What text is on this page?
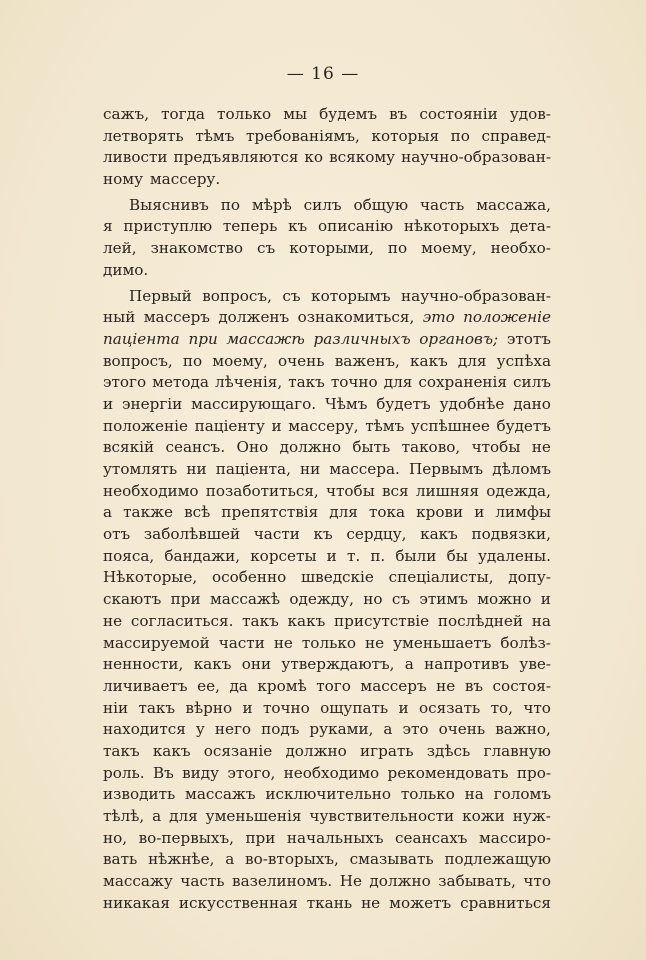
— 16 —
сажъ, тогда только мы будемъ въ состоянiи удов-
летворять тѣмъ требованiямъ, которыя по справед-
ливости предъявляются ко всякому научно-образован-
ному массеру.
Выяснивъ по мѣрѣ силъ общую часть массажа,
я приступлю теперь къ описанiю нѣкоторыхъ дета-
лей, знакомство съ которыми, по моему, необхо-
димо.
Первый вопросъ, съ которымъ научно-образован-
ный массеръ долженъ ознакомиться, это положенiе
пацiента при массажѣ различныхъ органовъ; этотъ
вопросъ, по моему, очень важенъ, какъ для успѣха
этого метода лѣченiя, такъ точно для сохраненiя силъ
и энергiи массирующаго. Чѣмъ будетъ удобнѣе дано
положенiе пацiенту и массеру, тѣмъ успѣшнее будетъ
всякiй сеансъ. Оно должно быть таково, чтобы не
утомлять ни пацiента, ни массера. Первымъ дѣломъ
необходимо позаботиться, чтобы вся лишняя одежда,
а также всѣ препятствiя для тока крови и лимфы
отъ заболѣвшей части къ сердцу, какъ подвязки,
пояса, бандажи, корсеты и т. п. были бы удалены.
Нѣкоторые, особенно шведскiе спецiалисты, допу-
скаютъ при массажѣ одежду, но съ этимъ можно и
не согласиться. такъ какъ присутствiе послѣдней на
массируемой части не только не уменьшаетъ болѣз-
ненности, какъ они утверждаютъ, а напротивъ уве-
личиваетъ ее, да кромѣ того массеръ не въ состоя-
нiи такъ вѣрно и точно ощупать и осязать то, что
находится у него подъ руками, а это очень важно,
такъ какъ осязанiе должно играть здѣсь главную
роль. Въ виду этого, необходимо рекомендовать про-
изводить массажъ исключительно только на голомъ
тѣлѣ, а для уменьшенiя чувствительности кожи нуж-
но, во-первыхъ, при начальныхъ сеансахъ массиро-
вать нѣжнѣе, а во-вторыхъ, смазывать подлежащую
массажу часть вазелиномъ. Не должно забывать, что
никакая искусственная ткань не можетъ сравниться
